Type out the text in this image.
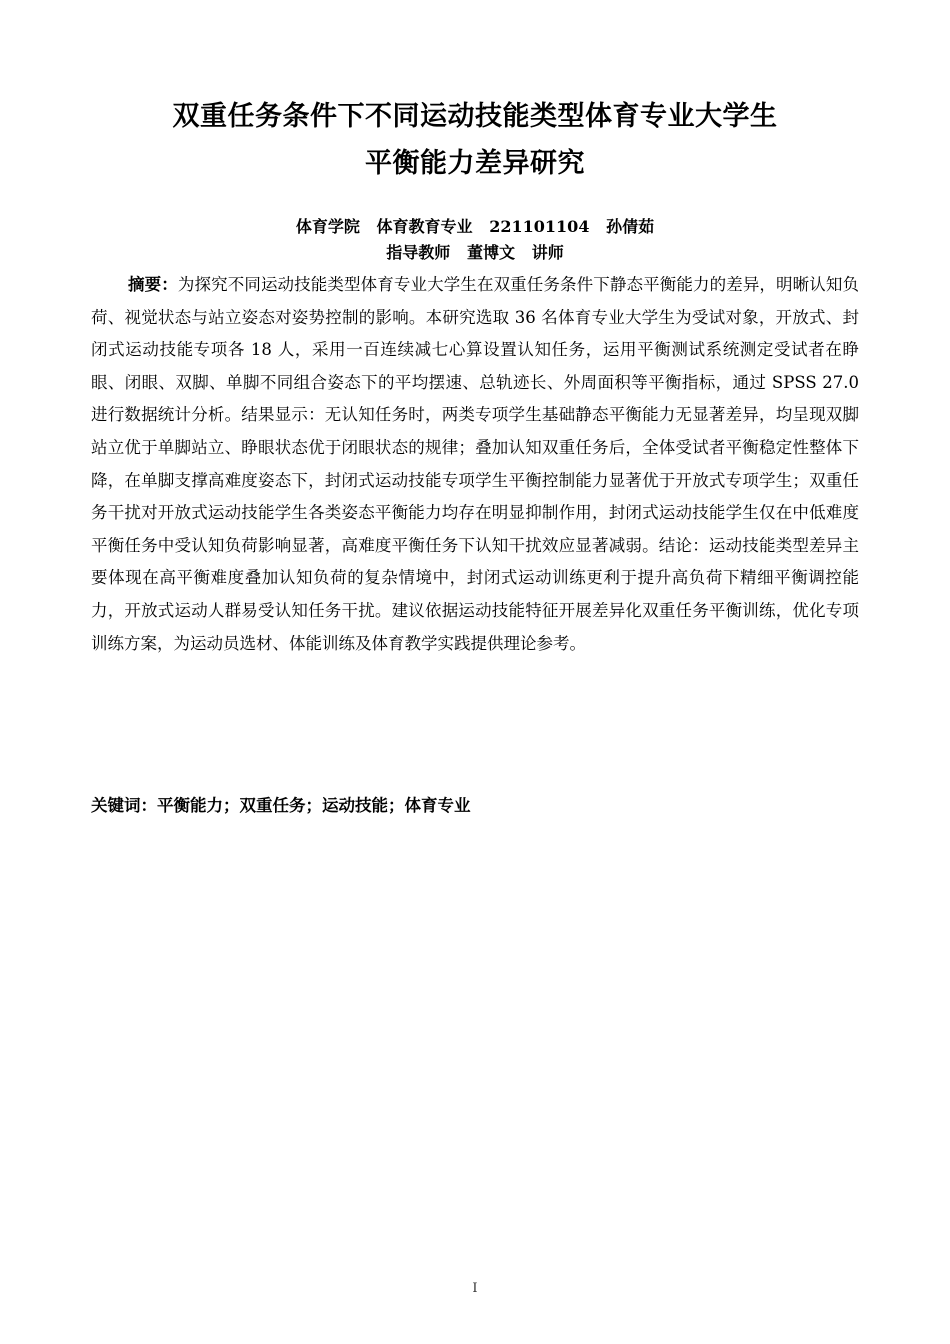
双重任务条件下不同运动技能类型体育专业大学生
平衡能力差异研究
体育学院   体育教育专业   221101104   孙倩茹
指导教师   董博文   讲师

摘要：为探究不同运动技能类型体育专业大学生在双重任务条件下静态平衡能力的差异，明晰认知负荷、视觉状态与站立姿态对姿势控制的影响。本研究选取 36 名体育专业大学生为受试对象，开放式、封闭式运动技能专项各 18 人，采用一百连续减七心算设置认知任务，运用平衡测试系统测定受试者在睁眼、闭眼、双脚、单脚不同组合姿态下的平均摆速、总轨迹长、外周面积等平衡指标，通过 SPSS 27.0 进行数据统计分析。结果显示：无认知任务时，两类专项学生基础静态平衡能力无显著差异，均呈现双脚站立优于单脚站立、睁眼状态优于闭眼状态的规律；叠加认知双重任务后，全体受试者平衡稳定性整体下降，在单脚支撑高难度姿态下，封闭式运动技能专项学生平衡控制能力显著优于开放式专项学生；双重任务干扰对开放式运动技能学生各类姿态平衡能力均存在明显抑制作用，封闭式运动技能学生仅在中低难度平衡任务中受认知负荷影响显著，高难度平衡任务下认知干扰效应显著减弱。结论：运动技能类型差异主要体现在高平衡难度叠加认知负荷的复杂情境中，封闭式运动训练更利于提升高负荷下精细平衡调控能力，开放式运动人群易受认知任务干扰。建议依据运动技能特征开展差异化双重任务平衡训练，优化专项训练方案，为运动员选材、体能训练及体育教学实践提供理论参考。

关键词：平衡能力；双重任务；运动技能；体育专业

I
